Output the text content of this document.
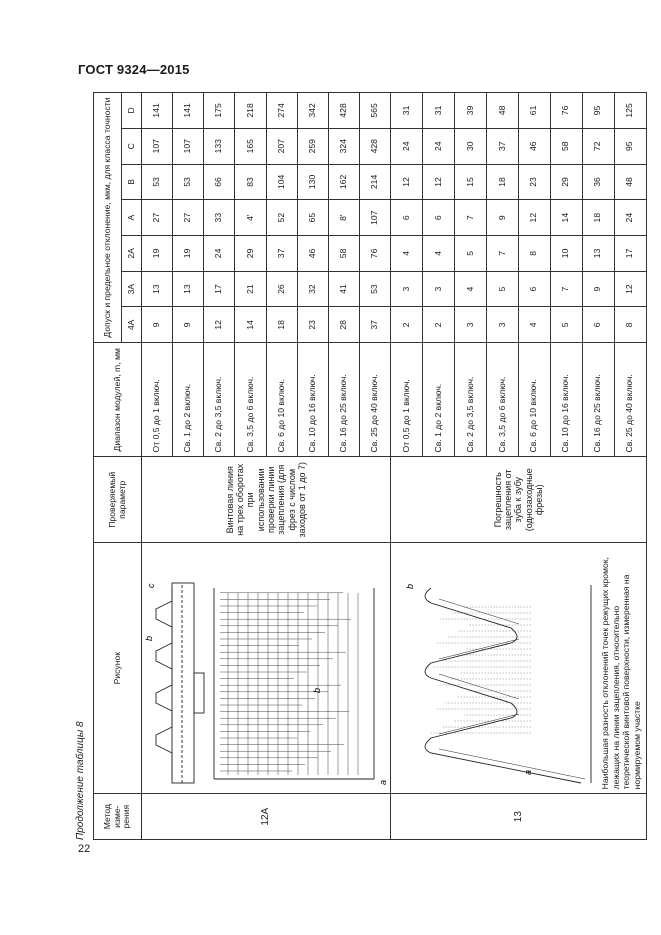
ГОСТ 9324—2015
Продолжение таблицы 8 Метод изме-рения	Рисунок	Проверяемый параметр	Диапазон модулей, m, мм	Допуск и предельное отклонение, мкм, для класса точности						
				4A	3A	2A	A	B	C	D
12А	b
b
a
c	Винтовая линия на трех оборотах при использовании проверки линии зацепления (для фрез с числом заходов от 1 до 7)	От 0,5 до 1 включ.	9	13	19	27	53	107	141
			Св. 1 до 2 включ.	9	13	19	27	53	107	141
			Св. 2 до 3,5 включ.	12	17	24	33	66	133	175
			Св. 3,5 до 6 включ.	14	21	29	4'	83	165	218
			Св. 6 до 10 включ.	18	26	37	52	104	207	274
			Св. 10 до 16 включ.	23	32	46	65	130	259	342
			Св. 16 до 25 включ.	28	41	58	8'	162	324	428
			Св. 25 до 40 включ.	37	53	76	107	214	428	565
13	b
a Наибольшая разность отклонений точек режущих кромок, лежащих на линии зацепления, относительно теоретической винтовой поверхности, измеренная на нормируемом участке	Погрешность зацепления от зуба к зубу (однозаходные фрезы)	От 0,5 до 1 включ.	2	3	4	6	12	24	31
			Св. 1 до 2 включ.	2	3	4	6	12	24	31
			Св. 2 до 3,5 включ.	3	4	5	7	15	30	39
			Св. 3,5 до 6 включ.	3	5	7	9	18	37	48
			Св. 6 до 10 включ.	4	6	8	12	23	46	61
			Св. 10 до 16 включ.	5	7	10	14	29	58	76
			Св. 16 до 25 включ.	6	9	13	18	36	72	95
			Св. 25 до 40 включ.	8	12	17	24	48	95	125
22
